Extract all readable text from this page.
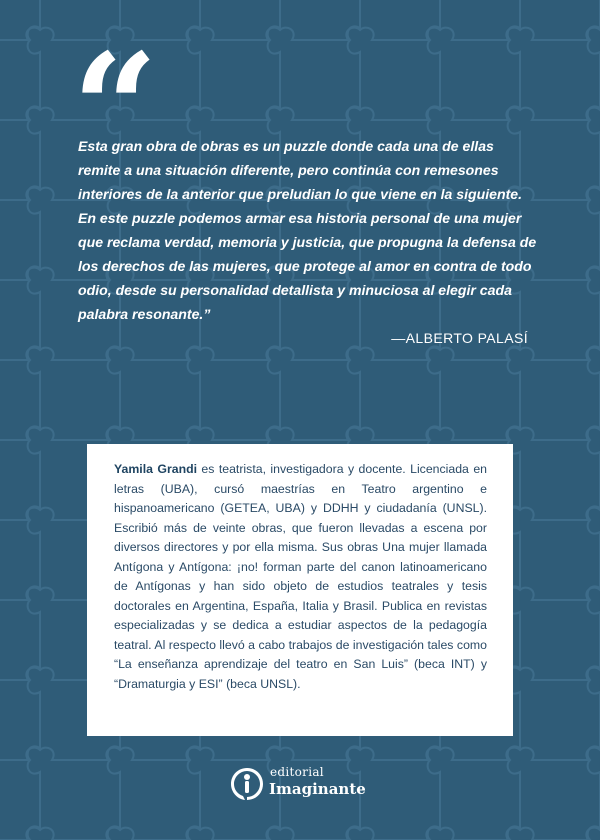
“

Esta gran obra de obras es un puzzle donde cada una de ellas remite a una situación diferente, pero continúa con remesones interiores de la anterior que preludian lo que viene en la siguiente. En este puzzle podemos armar esa historia personal de una mujer que reclama verdad, memoria y justicia, que propugna la defensa de los derechos de las mujeres, que protege al amor en contra de todo odio, desde su personalidad detallista y minuciosa al elegir cada palabra resonante.”

—ALBERTO PALASÍ

Yamila Grandi es teatrista, investigadora y docente. Licenciada en letras (UBA), cursó maestrías en Teatro argentino e hispanoamericano (GETEA, UBA) y DDHH y ciudadanía (UNSL). Escribió más de veinte obras, que fueron llevadas a escena por diversos directores y por ella misma. Sus obras Una mujer llamada Antígona y Antígona: ¡no! forman parte del canon latinoamericano de Antígonas y han sido objeto de estudios teatrales y tesis doctorales en Argentina, España, Italia y Brasil. Publica en revistas especializadas y se dedica a estudiar aspectos de la pedagogía teatral. Al respecto llevó a cabo trabajos de investigación tales como “La enseñanza aprendizaje del teatro en San Luis” (beca INT) y “Dramaturgia y ESI” (beca UNSL).

editorial
Imaginante
